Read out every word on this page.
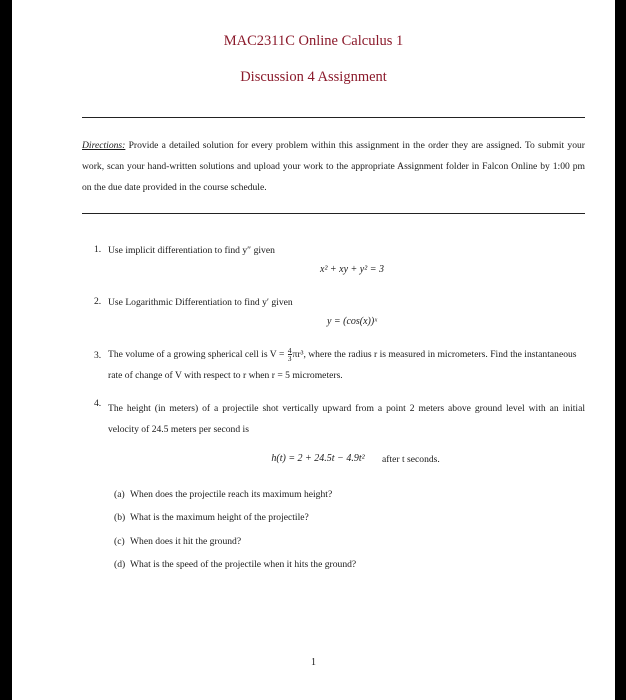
MAC2311C Online Calculus 1
Discussion 4 Assignment
Directions: Provide a detailed solution for every problem within this assignment in the order they are assigned. To submit your work, scan your hand-written solutions and upload your work to the appropriate Assignment folder in Falcon Online by 1:00 pm on the due date provided in the course schedule.
1. Use implicit differentiation to find y″ given
x² + xy + y² = 3
2. Use Logarithmic Differentiation to find y′ given
y = (cos(x))ˣ
3. The volume of a growing spherical cell is $V = \frac{4}{3} \pi r^3$, where the radius r is measured in micrometers. Find the instantaneous
rate of change of V with respect to r when r = 5 micrometers.
4. The height (in meters) of a projectile shot vertically upward from a point 2 meters above ground level with an initial velocity of 24.5 meters per second is
h(t) = 2 + 24.5t − 4.9t²	after t seconds.
(a) When does the projectile reach its maximum height?
(b) What is the maximum height of the projectile?
(c) When does it hit the ground?
(d) What is the speed of the projectile when it hits the ground?
1
